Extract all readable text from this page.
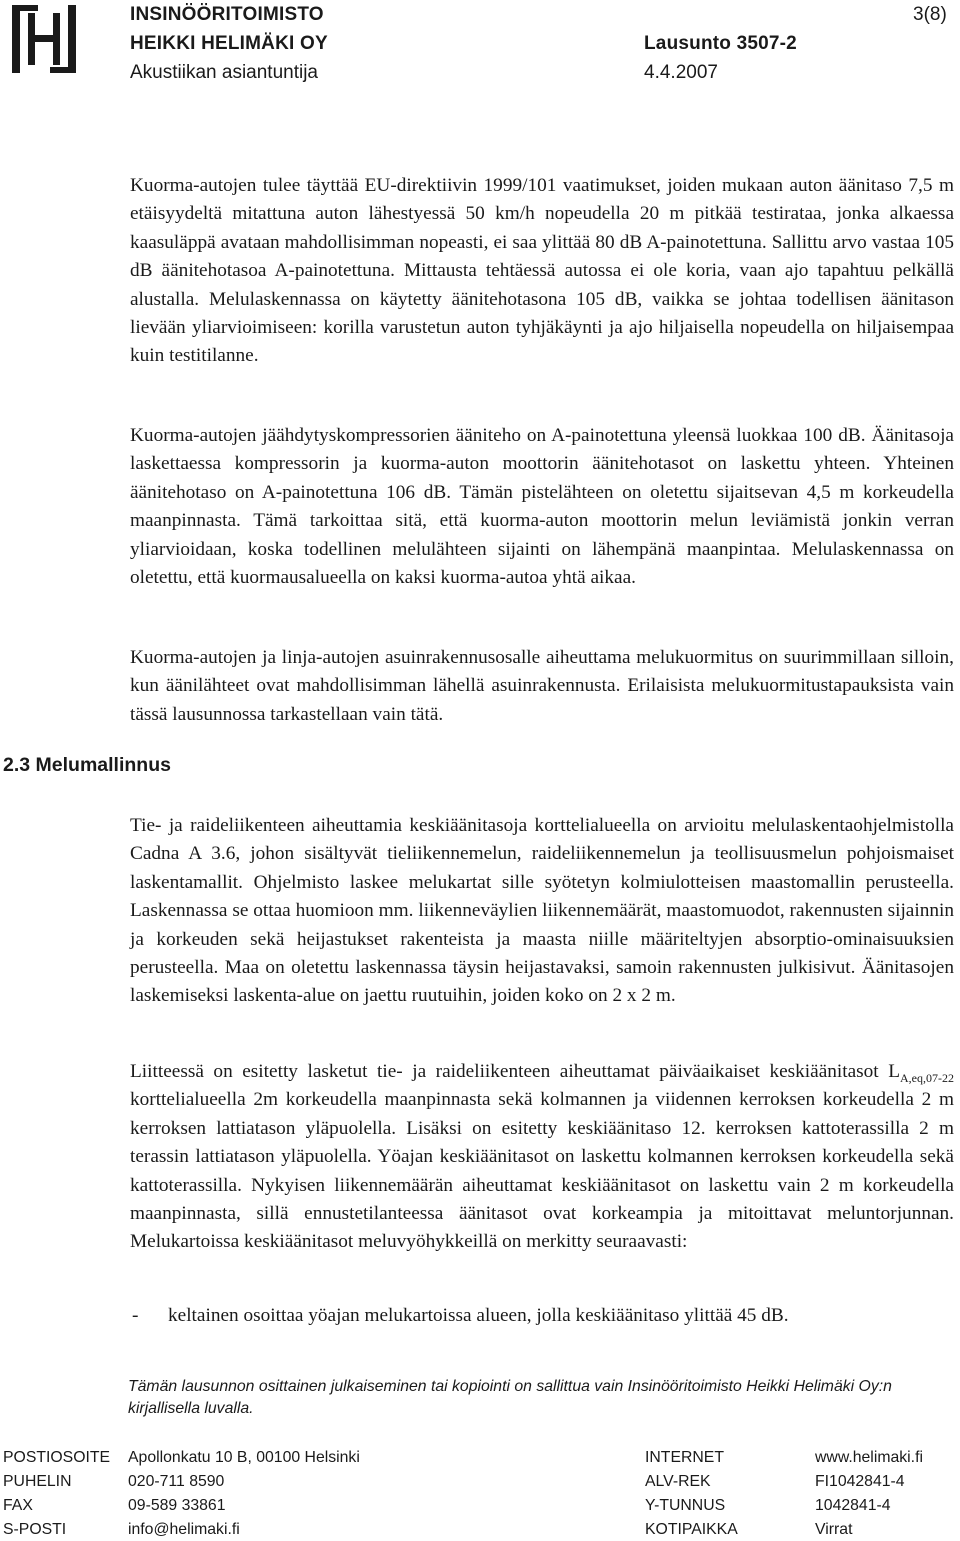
INSINÖÖRITOIMISTO
HEIKKI HELIMÄKI OY
Akustiikan asiantuntija
Lausunto 3507-2
4.4.2007
3(8)

Kuorma-autojen tulee täyttää EU-direktiivin 1999/101 vaatimukset, joiden mukaan auton äänitaso 7,5 m etäisyydeltä mitattuna auton lähestyessä 50 km/h nopeudella 20 m pitkää testirataa, jonka alkaessa kaasuläppä avataan mahdollisimman nopeasti, ei saa ylittää 80 dB A-painotettuna. Sallittu arvo vastaa 105 dB äänitehotasoa A-painotettuna. Mittausta tehtäessä autossa ei ole koria, vaan ajo tapahtuu pelkällä alustalla. Melulaskennassa on käytetty äänitehotasona 105 dB, vaikka se johtaa todellisen äänitason lievään yliarvioimiseen: korilla varustetun auton tyhjäkäynti ja ajo hiljaisella nopeudella on hiljaisempaa kuin testitilanne.

Kuorma-autojen jäähdytyskompressorien ääniteho on A-painotettuna yleensä luokkaa 100 dB. Äänitasoja laskettaessa kompressorin ja kuorma-auton moottorin äänitehotasot on laskettu yhteen. Yhteinen äänitehotaso on A-painotettuna 106 dB. Tämän pistelähteen on oletettu sijaitsevan 4,5 m korkeudella maanpinnasta. Tämä tarkoittaa sitä, että kuorma-auton moottorin melun leviämistä jonkin verran yliarvioidaan, koska todellinen melulähteen sijainti on lähempänä maanpintaa. Melulaskennassa on oletettu, että kuormausalueella on kaksi kuorma-autoa yhtä aikaa.

Kuorma-autojen ja linja-autojen asuinrakennusosalle aiheuttama melukuormitus on suurimmillaan silloin, kun äänilähteet ovat mahdollisimman lähellä asuinrakennusta. Erilaisista melukuormitustapauksista vain tässä lausunnossa tarkastellaan vain tätä.

2.3 Melumallinnus

Tie- ja raideliikenteen aiheuttamia keskiäänitasoja korttelialueella on arvioitu melulaskentaohjelmistolla Cadna A 3.6, johon sisältyvät tieliikennemelun, raideliikennemelun ja teollisuusmelun pohjoismaiset laskentamallit. Ohjelmisto laskee melukartat sille syötetyn kolmiulotteisen maastomallin perusteella. Laskennassa se ottaa huomioon mm. liikenneväylien liikennemäärät, maastomuodot, rakennusten sijainnin ja korkeuden sekä heijastukset rakenteista ja maasta niille määriteltyjen absorptio-ominaisuuksien perusteella. Maa on oletettu laskennassa täysin heijastavaksi, samoin rakennusten julkisivut. Äänitasojen laskemiseksi laskenta-alue on jaettu ruutuihin, joiden koko on 2 x 2 m.

Liitteessä on esitetty lasketut tie- ja raideliikenteen aiheuttamat päiväaikaiset keskiäänitasot $L_{A,eq,07-22}$ korttelialueella 2m korkeudella maanpinnasta sekä kolmannen ja viidennen kerroksen korkeudella 2 m kerroksen lattiatason yläpuolella. Lisäksi on esitetty keskiäänitaso 12. kerroksen kattoterassilla 2 m terassin lattiatason yläpuolella. Yöajan keskiäänitasot on laskettu kolmannen kerroksen korkeudella sekä kattoterassilla. Nykyisen liikennemäärän aiheuttamat keskiäänitasot on laskettu vain 2 m korkeudella maanpinnasta, sillä ennustetilanteessa äänitasot ovat korkeampia ja mitoittavat meluntorjunnan. Melukartoissa keskiäänitasot meluvyöhykkeillä on merkitty seuraavasti:

- keltainen osoittaa yöajan melukartoissa alueen, jolla keskiäänitaso ylittää 45 dB.
Tämän lausunnon osittainen julkaiseminen tai kopiointi on sallittua vain Insinööritoimisto Heikki Helimäki Oy:n kirjallisella luvalla.
POSTIOSOITE Apollonkatu 10 B, 00100 Helsinki	INTERNET	www.helimaki.fi
PUHELIN	020-711 8590	ALV-REK	FI1042841-4
FAX	09-589 33861	Y-TUNNUS	1042841-4
S-POSTI	info@helimaki.fi	KOTIPAIKKA	Virrat
